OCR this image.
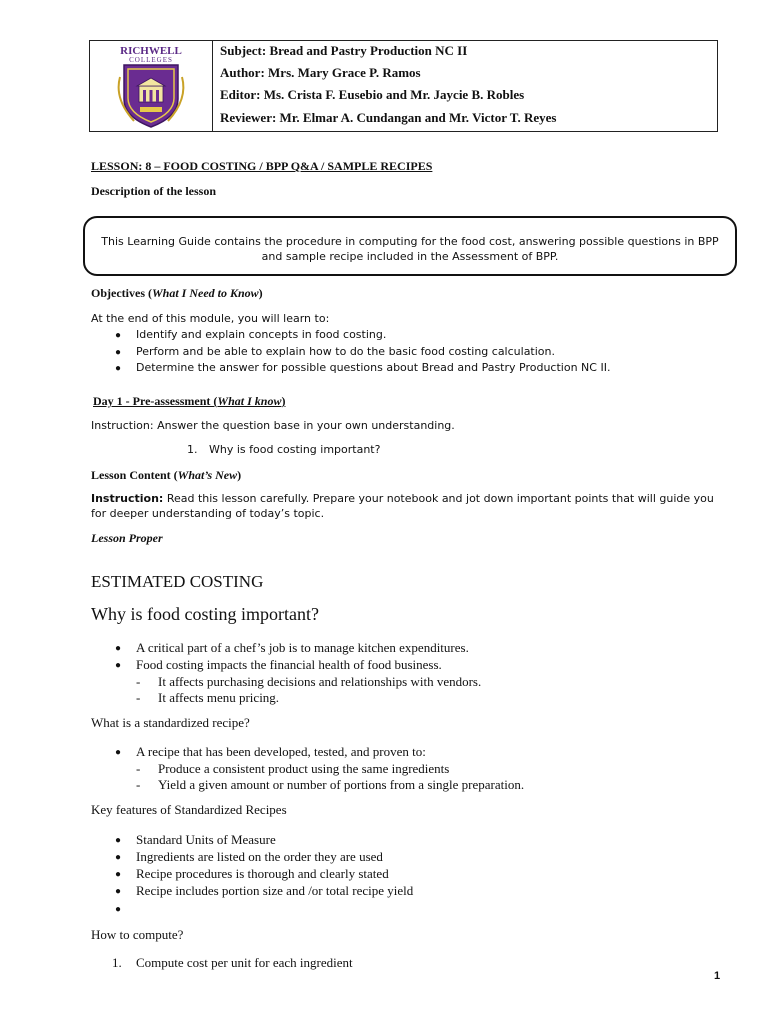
RICHWELL
COLLEGES
Subject: Bread and Pastry Production NC II
Author: Mrs. Mary Grace P. Ramos
Editor: Ms. Crista F. Eusebio and Mr. Jaycie B. Robles
Reviewer: Mr. Elmar A. Cundangan and Mr. Victor T. Reyes
LESSON: 8 – FOOD COSTING / BPP Q&A / SAMPLE RECIPES
Description of the lesson
This Learning Guide contains the procedure in computing for the food cost, answering possible questions in BPP
and sample recipe included in the Assessment of BPP.
Objectives (What I Need to Know)
At the end of this module, you will learn to:
● Identify and explain concepts in food costing.
● Perform and be able to explain how to do the basic food costing calculation.
● Determine the answer for possible questions about Bread and Pastry Production NC II.
Day 1 - Pre-assessment (What I know)
Instruction: Answer the question base in your own understanding.
1. Why is food costing important?
Lesson Content (What’s New)
Instruction: Read this lesson carefully. Prepare your notebook and jot down important points that will guide you
for deeper understanding of today’s topic.
Lesson Proper
ESTIMATED COSTING
Why is food costing important?
● A critical part of a chef’s job is to manage kitchen expenditures.
● Food costing impacts the financial health of food business.
- It affects purchasing decisions and relationships with vendors.
- It affects menu pricing.
What is a standardized recipe?
● A recipe that has been developed, tested, and proven to:
- Produce a consistent product using the same ingredients
- Yield a given amount or number of portions from a single preparation.
Key features of Standardized Recipes
● Standard Units of Measure
● Ingredients are listed on the order they are used
● Recipe procedures is thorough and clearly stated
● Recipe includes portion size and /or total recipe yield
●
How to compute?
1. Compute cost per unit for each ingredient
1
